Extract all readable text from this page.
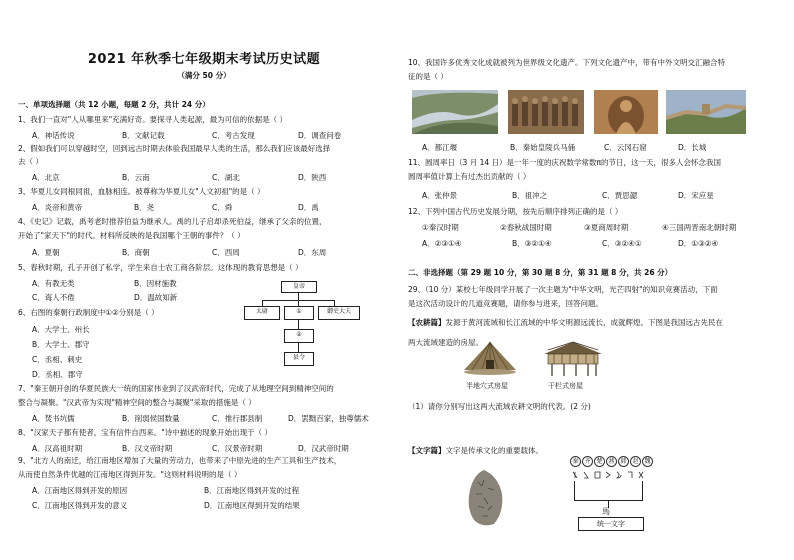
2021 年秋季七年级期末考试历史试题
（满分 50 分）
一、单项选择题（共 12 小题，每题 2 分，共计 24 分）
1、我们一直对"人从哪里来"充满好奇。要探寻人类起源，最为可信的依据是（ ）
A．神话传说	B．文献记载	C．考古发现	D．调查问卷
2、假如我们可以穿越时空，回到远古时期去体验我国最早人类的生活，那么我们应该最好选择
去（ ）
A．北京	B．云南	C．湖北	D．陕西
3、华夏儿女同根同祖，血脉相连。被尊称为华夏儿女"人文初祖"的是（ ）
A．炎帝和黄帝	B．尧	C．舜	D．禹
4、《史记》记载，禹考老时推荐伯益为继承人。禹的儿子启却杀死伯益，继承了父亲的位置，
开始了"家天下"的时代。材料所反映的是我国哪个王朝的事件？（ ）
A．夏朝	B．商朝	C．西周	D．东周
5、春秋时期，孔子开创了私学，学生来自士农工商各阶层。这体现的教育思想是（ ）
A．有教无类	B．因材施教
C．诲人不倦	D．温故知新
6、右图的秦朝行政制度中①②分别是（ ）
A．大学士、州长
B．大学士、郡守
C．丞相、刺史
D．丞相、郡守
皇帝
太尉	①	御史大夫
②
县令
7、"秦王朝开创的华夏民族大一统的国家伟业到了汉武帝时代，完成了从地理空间到精神空间的
整合与凝聚。"汉武帝为实现"精神空间的整合与凝聚"采取的措施是（ ）
A．焚书坑儒	B．削弱侯国数量	C．推行郡县制	D．罢黜百家，独尊儒术
8、"汉家天子都有使者，宝有信件自西来。"诗中描述的现象开始出现于（ ）
A．汉高祖时期	B．汉文帝时期	C．汉景帝时期	D．汉武帝时期
9、"北方人的南迁，给江南地区增加了大量的劳动力，也带来了中原先进的生产工具和生产技术，
从而使自然条件优越的江南地区得到开发。"这则材料说明的是（ ）
A．江南地区得到开发的原因	B．江南地区得到开发的过程
C．江南地区得到开发的意义	D．江南地区得到开发的结果
10、我国许多优秀文化成就被列为世界级文化遗产。下列文化遗产中，带有中外文明交汇融合特
征的是（ ）
A．都江堰	B．秦始皇陵兵马俑	C．云冈石窟	D．长城
11、圆周率日（3 月 14 日）是一年一度的庆祝数学常数π的节日，这一天，很多人会怀念我国
圆周率值计算上有过杰出贡献的（ ）
A．张仲景	B．祖冲之	C．贾思勰	D．宋应星
12、下列中国古代历史发展分期，按先后顺序排列正确的是（ ）
①秦汉时期	②春秋战国时期	③夏商周时期	④三国两晋南北朝时期
A．②③①④	B．③②①④	C．③②④①	D．①③②④
二、非选择题（第 29 题 10 分，第 30 题 8 分，第 31 题 8 分，共 26 分）
29、（10 分）某校七年级同学开展了一次主题为"中华文明，光芒四射"的知识竞赛活动，下面
是这次活动设计的几道竞赛题，请你参与进来，回答问题。
【农耕篇】发源于黄河流域和长江流域的中华文明源远流长，成就辉煌。下图是我国远古先民在
两大流域建造的房屋。
半地穴式房屋	干栏式房屋
（1）请你分别写出这两大流域农耕文明的代表。(2 分)
【文字篇】文字是传承文化的重要载体。
秦 齐 楚 燕 韩 赵 魏
馬
统一文字
